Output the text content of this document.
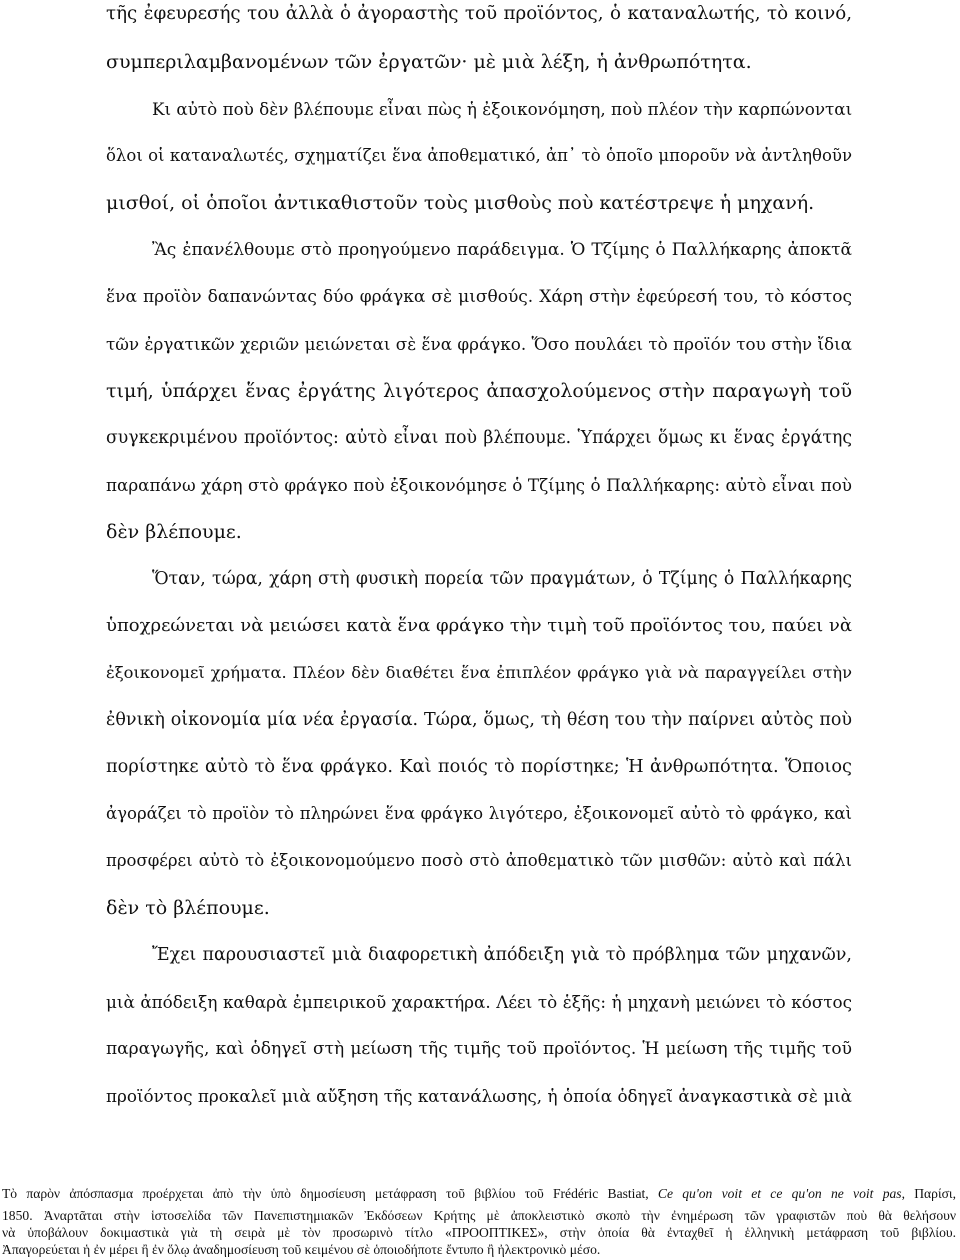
τῆς ἐφευρεσής του ἀλλὰ ὁ ἀγοραστὴς τοῦ προϊόντος, ὁ καταναλωτής, τὸ κοινό,
συμπεριλαμβανομένων τῶν ἐργατῶν· μὲ μιὰ λέξη, ἡ ἀνθρωπότητα.
Κι αὐτὸ ποὺ δὲν βλέπουμε εἶναι πὼς ἡ ἐξοικονόμηση, ποὺ πλέον τὴν καρπώνονται
ὅλοι οἱ καταναλωτές, σχηματίζει ἕνα ἀποθεματικό, ἀπ᾽ τὸ ὁποῖο μποροῦν νὰ ἀντληθοῦν
μισθοί, οἱ ὁποῖοι ἀντικαθιστοῦν τοὺς μισθοὺς ποὺ κατέστρεψε ἡ μηχανή.
Ἂς ἐπανέλθουμε στὸ προηγούμενο παράδειγμα. Ὁ Τζίμης ὁ Παλλήκαρης ἀποκτᾶ
ἕνα προϊὸν δαπανώντας δύο φράγκα σὲ μισθούς. Χάρη στὴν ἐφεύρεσή του, τὸ κόστος
τῶν ἐργατικῶν χεριῶν μειώνεται σὲ ἕνα φράγκο. Ὅσο πουλάει τὸ προϊόν του στὴν ἴδια
τιμή, ὑπάρχει ἕνας ἐργάτης λιγότερος ἀπασχολούμενος στὴν παραγωγὴ τοῦ
συγκεκριμένου προϊόντος: αὐτὸ εἶναι ποὺ βλέπουμε. Ὑπάρχει ὅμως κι ἕνας ἐργάτης
παραπάνω χάρη στὸ φράγκο ποὺ ἐξοικονόμησε ὁ Τζίμης ὁ Παλλήκαρης: αὐτὸ εἶναι ποὺ
δὲν βλέπουμε.
Ὅταν, τώρα, χάρη στὴ φυσικὴ πορεία τῶν πραγμάτων, ὁ Τζίμης ὁ Παλλήκαρης
ὑποχρεώνεται νὰ μειώσει κατὰ ἕνα φράγκο τὴν τιμὴ τοῦ προϊόντος του, παύει νὰ
ἐξοικονομεῖ χρήματα. Πλέον δὲν διαθέτει ἕνα ἐπιπλέον φράγκο γιὰ νὰ παραγγείλει στὴν
ἐθνικὴ οἰκονομία μία νέα ἐργασία. Τώρα, ὅμως, τὴ θέση του τὴν παίρνει αὐτὸς ποὺ
πορίστηκε αὐτὸ τὸ ἕνα φράγκο. Καὶ ποιός τὸ πορίστηκε; Ἡ ἀνθρωπότητα. Ὅποιος
ἀγοράζει τὸ προϊὸν τὸ πληρώνει ἕνα φράγκο λιγότερο, ἐξοικονομεῖ αὐτὸ τὸ φράγκο, καὶ
προσφέρει αὐτὸ τὸ ἐξοικονομούμενο ποσὸ στὸ ἀποθεματικὸ τῶν μισθῶν: αὐτὸ καὶ πάλι
δὲν τὸ βλέπουμε.
Ἔχει παρουσιαστεῖ μιὰ διαφορετικὴ ἀπόδειξη γιὰ τὸ πρόβλημα τῶν μηχανῶν,
μιὰ ἀπόδειξη καθαρὰ ἐμπειρικοῦ χαρακτήρα. Λέει τὸ ἑξῆς: ἡ μηχανὴ μειώνει τὸ κόστος
παραγωγῆς, καὶ ὁδηγεῖ στὴ μείωση τῆς τιμῆς τοῦ προϊόντος. Ἡ μείωση τῆς τιμῆς τοῦ
προϊόντος προκαλεῖ μιὰ αὔξηση τῆς κατανάλωσης, ἡ ὁποία ὁδηγεῖ ἀναγκαστικὰ σὲ μιὰ
Τὸ παρὸν ἀπόσπασμα προέρχεται ἀπὸ τὴν ὑπὸ δημοσίευση μετάφραση τοῦ βιβλίου τοῦ Frédéric Bastiat, Ce qu'on voit et ce qu'on ne voit pas, Παρίσι,
1850. Ἀναρτᾶται στὴν ἱστοσελίδα τῶν Πανεπιστημιακῶν Ἐκδόσεων Κρήτης μὲ ἀποκλειστικὸ σκοπὸ τὴν ἐνημέρωση τῶν γραφιστῶν ποὺ θὰ θελήσουν
νὰ ὑποβάλουν δοκιμαστικὰ γιὰ τὴ σειρὰ μὲ τὸν προσωρινὸ τίτλο «ΠΡΟΟΠΤΙΚΕΣ», στὴν ὁποία θὰ ἐνταχθεῖ ἡ ἑλληνικὴ μετάφραση τοῦ βιβλίου.
Ἀπαγορεύεται ἡ ἐν μέρει ἢ ἐν ὅλῳ ἀναδημοσίευση τοῦ κειμένου σὲ ὁποιοδήποτε ἔντυπο ἢ ἠλεκτρονικὸ μέσο.
